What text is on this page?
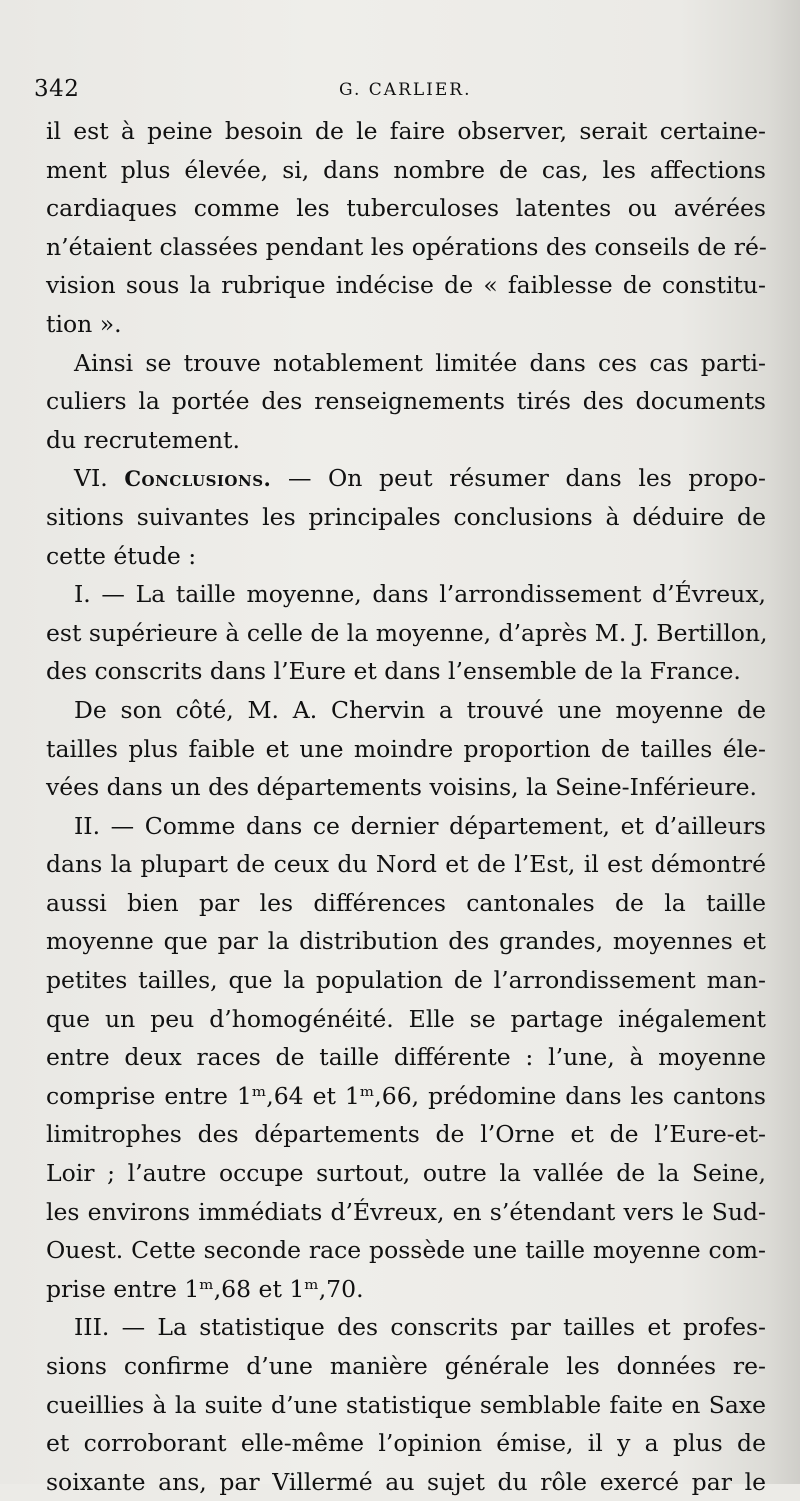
342	G. CARLIER.
il est à peine besoin de le faire observer, serait certaine-
ment plus élevée, si, dans nombre de cas, les affections
cardiaques comme les tuberculoses latentes ou avérées
n’étaient classées pendant les opérations des conseils de ré-
vision sous la rubrique indécise de « faiblesse de constitu-
tion ».
Ainsi se trouve notablement limitée dans ces cas parti-
culiers la portée des renseignements tirés des documents
du recrutement.
VI. Conclusions. — On peut résumer dans les propo-
sitions suivantes les principales conclusions à déduire de
cette étude :
I. — La taille moyenne, dans l’arrondissement d’Évreux,
est supérieure à celle de la moyenne, d’après M. J. Bertillon,
des conscrits dans l’Eure et dans l’ensemble de la France.
De son côté, M. A. Chervin a trouvé une moyenne de
tailles plus faible et une moindre proportion de tailles éle-
vées dans un des départements voisins, la Seine-Inférieure.
II. — Comme dans ce dernier département, et d’ailleurs
dans la plupart de ceux du Nord et de l’Est, il est démontré
aussi bien par les différences cantonales de la taille
moyenne que par la distribution des grandes, moyennes et
petites tailles, que la population de l’arrondissement man-
que un peu d’homogénéité. Elle se partage inégalement
entre deux races de taille différente : l’une, à moyenne
comprise entre 1ᵐ,64 et 1ᵐ,66, prédomine dans les cantons
limitrophes des départements de l’Orne et de l’Eure-et-
Loir ; l’autre occupe surtout, outre la vallée de la Seine,
les environs immédiats d’Évreux, en s’étendant vers le Sud-
Ouest. Cette seconde race possède une taille moyenne com-
prise entre 1ᵐ,68 et 1ᵐ,70.
III. — La statistique des conscrits par tailles et profes-
sions confirme d’une manière générale les données re-
cueillies à la suite d’une statistique semblable faite en Saxe
et corroborant elle-même l’opinion émise, il y a plus de
soixante ans, par Villermé au sujet du rôle exercé par le
